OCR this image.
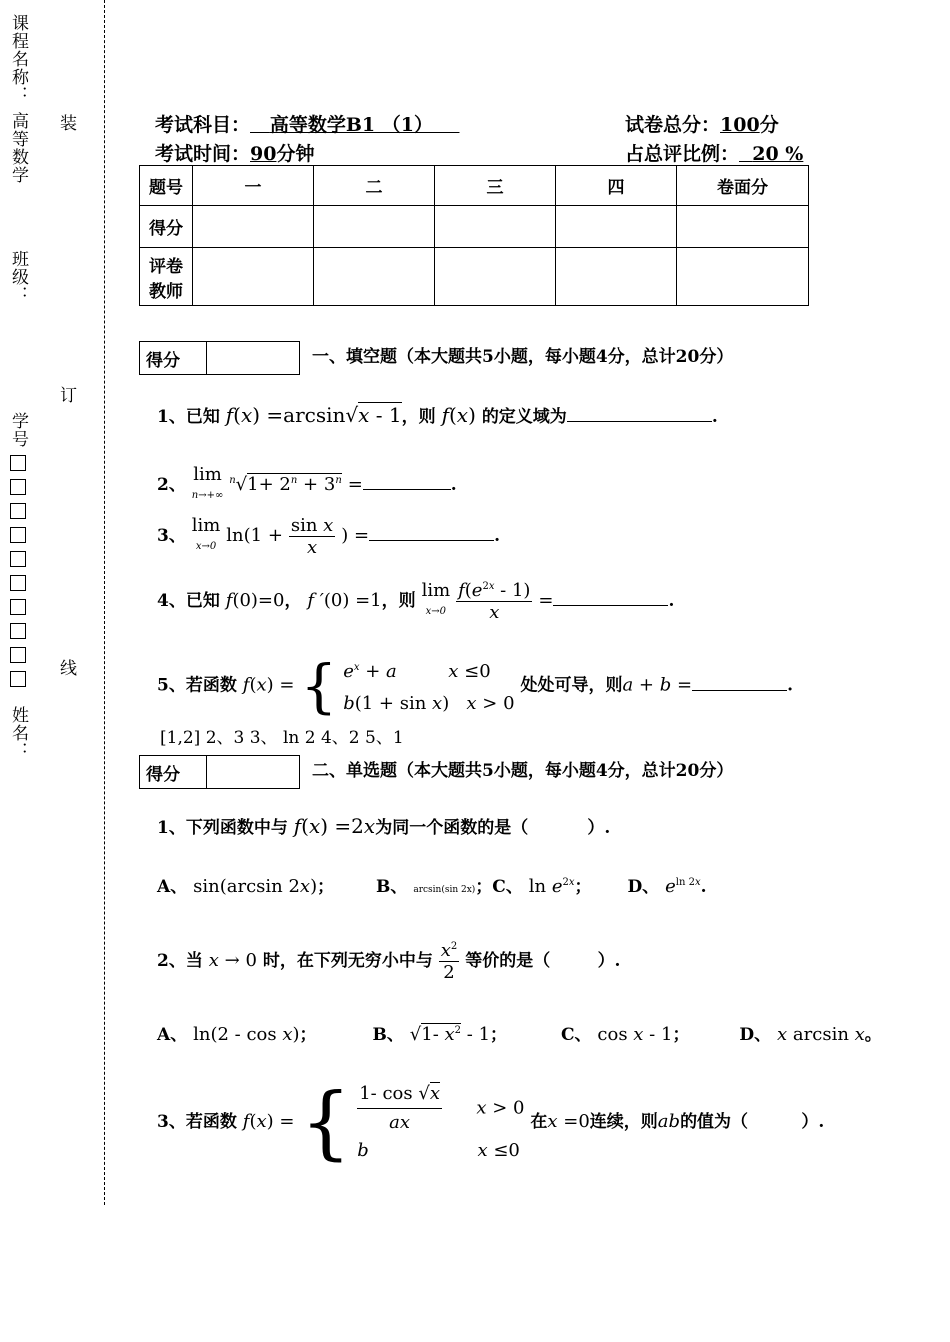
课程名称：
高等数学
班级：
学号
姓名：
装
订
线
考试科目： 高等数学B1 （1）	试卷总分：100分
考试时间：90分钟	占总评比例： 20 %
题号	一	二	三	四	卷面分
得分					
评卷
教师					
得分		一、填空题（本大题共5小题，每小题4分，总计20分）
1、已知 f(x) =arcsin√x - 1，则 f(x) 的定义域为	.
2、 lim
n→+∞ $^n√1+ 2^n + 3^n$ =	.
3、 lim
x→0 $\ln(1 + \frac{\text{sin x}}{x}$ ) =	.
4、已知 f(0)=0， f ′(0) =1，则 lim
$x\to 0 \frac{f(e^{2x} - 1)}{x}$ =	.
5、若函数 f(x) = { $e^x + a$	x ≤0
b(1 + sin x)   x > 0 处处可导，则a + b =	.
[1,2] 2、3 3、 ln 2 4、2 5、1
得分		二、单选题（本大题共5小题，每小题4分，总计20分）
1、下列函数中与 f(x) =2x为同一个函数的是（	）.
A、 sin(arcsin 2x)； B、 arcsin(sin 2x)；C、 $\ln e^{2x}$； D、 $e^{ln 2x}$.
2、当 x → 0 时，在下列无穷小中与 $\frac{x^2}{2}$ 等价的是（	）.
A、 ln(2 - cos x)；	B、 √1- $x^2 - 1$；	C、 cos x - 1；	D、 x arcsin x。
3、若函数 f(x) = { $\frac{1- \cos √x}{ax}$ x > 0
b	x ≤0 在x =0连续，则ab的值为（	）.
